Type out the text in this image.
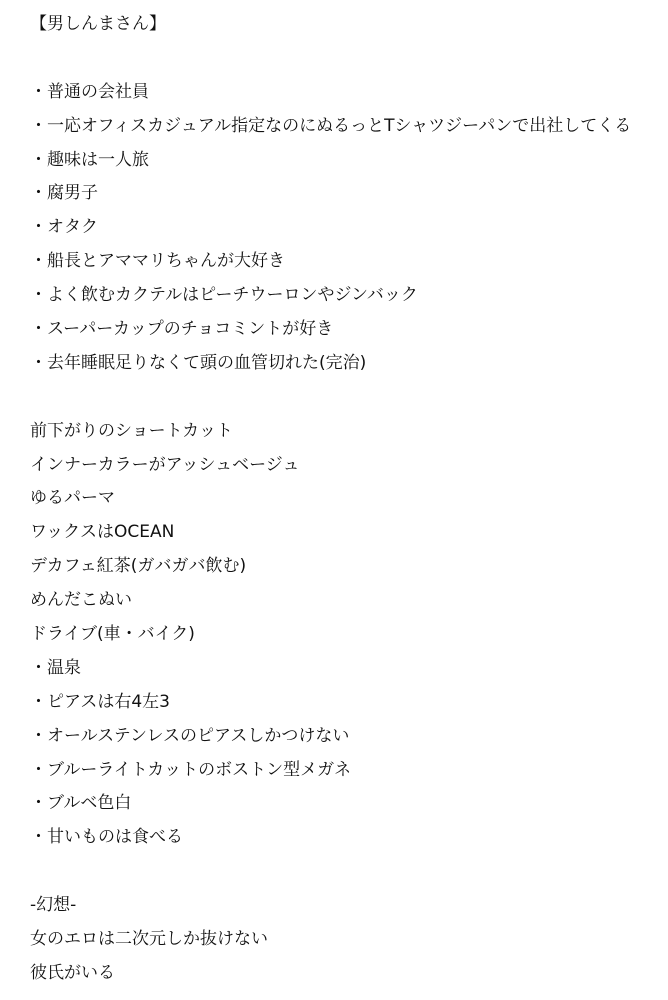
【男しんまさん】
・普通の会社員
・一応オフィスカジュアル指定なのにぬるっとTシャツジーパンで出社してくる
・趣味は一人旅
・腐男子
・オタク
・船長とアママリちゃんが大好き
・よく飲むカクテルはピーチウーロンやジンバック
・スーパーカップのチョコミントが好き
・去年睡眠足りなくて頭の血管切れた(完治)
前下がりのショートカット
インナーカラーがアッシュベージュ
ゆるパーマ
ワックスはOCEAN
デカフェ紅茶(ガバガバ飲む)
めんだこぬい
ドライブ(車・バイク)
・温泉
・ピアスは右4左3
・オールステンレスのピアスしかつけない
・ブルーライトカットのボストン型メガネ
・ブルベ色白
・甘いものは食べる
-幻想-
女のエロは二次元しか抜けない
彼氏がいる
